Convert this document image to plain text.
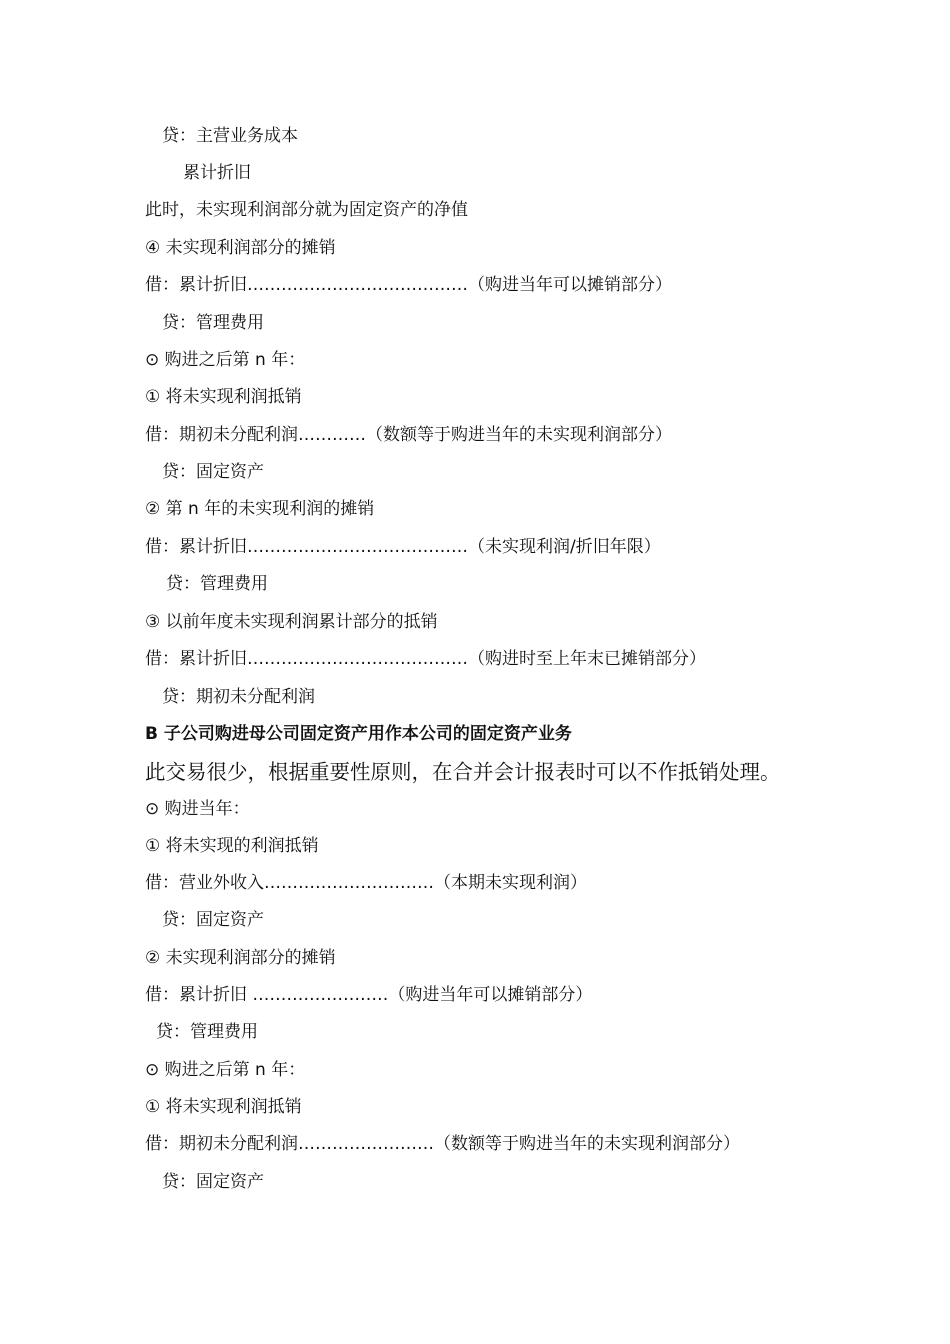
贷：主营业务成本
累计折旧
此时，未实现利润部分就为固定资产的净值
④ 未实现利润部分的摊销
借：累计折旧…………………………………（购进当年可以摊销部分）
贷：管理费用
⊙ 购进之后第 n 年：
① 将未实现利润抵销
借：期初未分配利润…………（数额等于购进当年的未实现利润部分）
贷：固定资产
② 第 n 年的未实现利润的摊销
借：累计折旧…………………………………（未实现利润/折旧年限）
贷：管理费用
③ 以前年度未实现利润累计部分的抵销
借：累计折旧…………………………………（购进时至上年末已摊销部分）
贷：期初未分配利润
B 子公司购进母公司固定资产用作本公司的固定资产业务
此交易很少，根据重要性原则，在合并会计报表时可以不作抵销处理。
⊙ 购进当年：
① 将未实现的利润抵销
借：营业外收入…………………………（本期未实现利润）
贷：固定资产
② 未实现利润部分的摊销
借：累计折旧 ……………………（购进当年可以摊销部分）
贷：管理费用
⊙ 购进之后第 n 年：
① 将未实现利润抵销
借：期初未分配利润……………………（数额等于购进当年的未实现利润部分）
贷：固定资产
